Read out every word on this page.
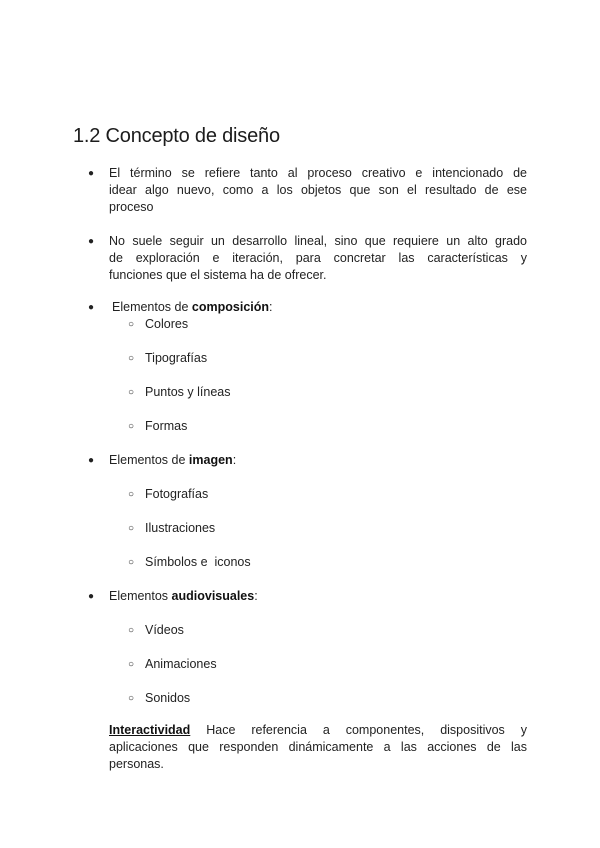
1.2 Concepto de diseño
● El término se refiere tanto al proceso creativo e intencionado de
idear algo nuevo, como a los objetos que son el resultado de ese
proceso
● No suele seguir un desarrollo lineal, sino que requiere un alto grado
de exploración e iteración, para concretar las características y
funciones que el sistema ha de ofrecer.
● Elementos de composición:
○ Colores
○ Tipografías
○ Puntos y líneas
○ Formas
● Elementos de imagen:
○ Fotografías
○ Ilustraciones
○ Símbolos e  iconos
● Elementos audiovisuales:
○ Vídeos
○ Animaciones
○ Sonidos
Interactividad Hace referencia a componentes, dispositivos y
aplicaciones que responden dinámicamente a las acciones de las
personas.
